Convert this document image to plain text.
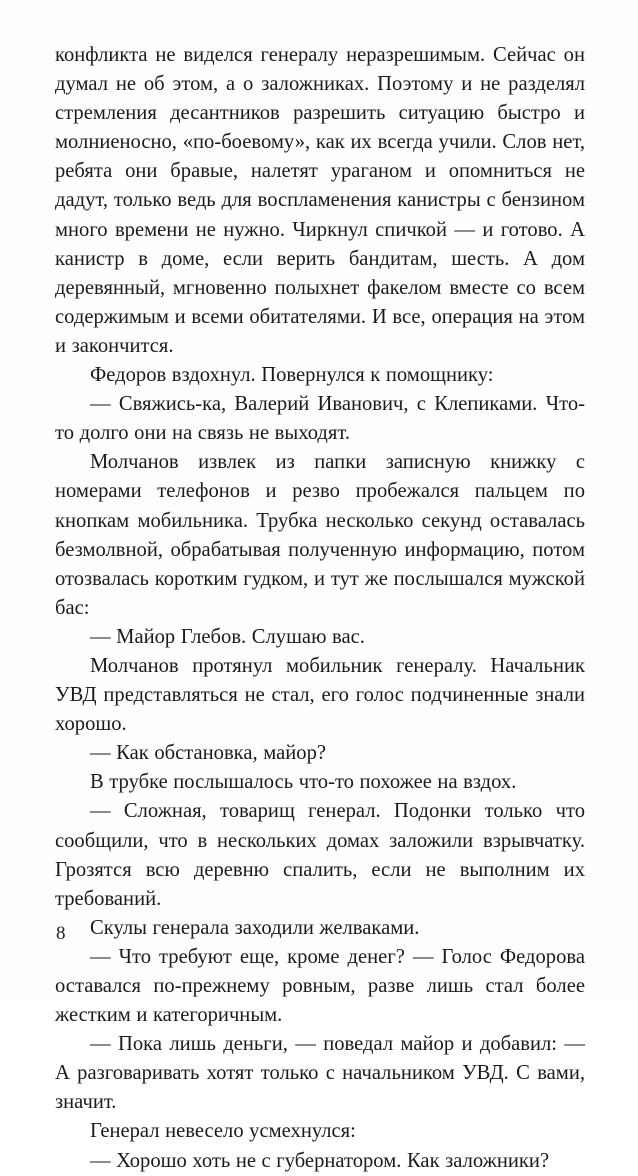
конфликта не виделся генералу неразрешимым. Сейчас он думал не об этом, а о заложниках. Поэтому и не разделял стремления десантников разрешить ситуацию быстро и молниеносно, «по-боевому», как их всегда учили. Слов нет, ребята они бравые, налетят ураганом и опомниться не дадут, только ведь для воспламенения канистры с бензином много времени не нужно. Чиркнул спичкой — и готово. А канистр в доме, если верить бандитам, шесть. А дом деревянный, мгновенно полыхнет факелом вместе со всем содержимым и всеми обитателями. И все, операция на этом и закончится.

Федоров вздохнул. Повернулся к помощнику:

— Свяжись-ка, Валерий Иванович, с Клепиками. Что-то долго они на связь не выходят.

Молчанов извлек из папки записную книжку с номерами телефонов и резво пробежался пальцем по кнопкам мобильника. Трубка несколько секунд оставалась безмолвной, обрабатывая полученную информацию, потом отозвалась коротким гудком, и тут же послышался мужской бас:

— Майор Глебов. Слушаю вас.

Молчанов протянул мобильник генералу. Начальник УВД представляться не стал, его голос подчиненные знали хорошо.

— Как обстановка, майор?

В трубке послышалось что-то похожее на вздох.

— Сложная, товарищ генерал. Подонки только что сообщили, что в нескольких домах заложили взрывчатку. Грозятся всю деревню спалить, если не выполним их требований.

Скулы генерала заходили желваками.

— Что требуют еще, кроме денег? — Голос Федорова оставался по-прежнему ровным, разве лишь стал более жестким и категоричным.

— Пока лишь деньги, — поведал майор и добавил: — А разговаривать хотят только с начальником УВД. С вами, значит.

Генерал невесело усмехнулся:

— Хорошо хоть не с губернатором. Как заложники?

8
